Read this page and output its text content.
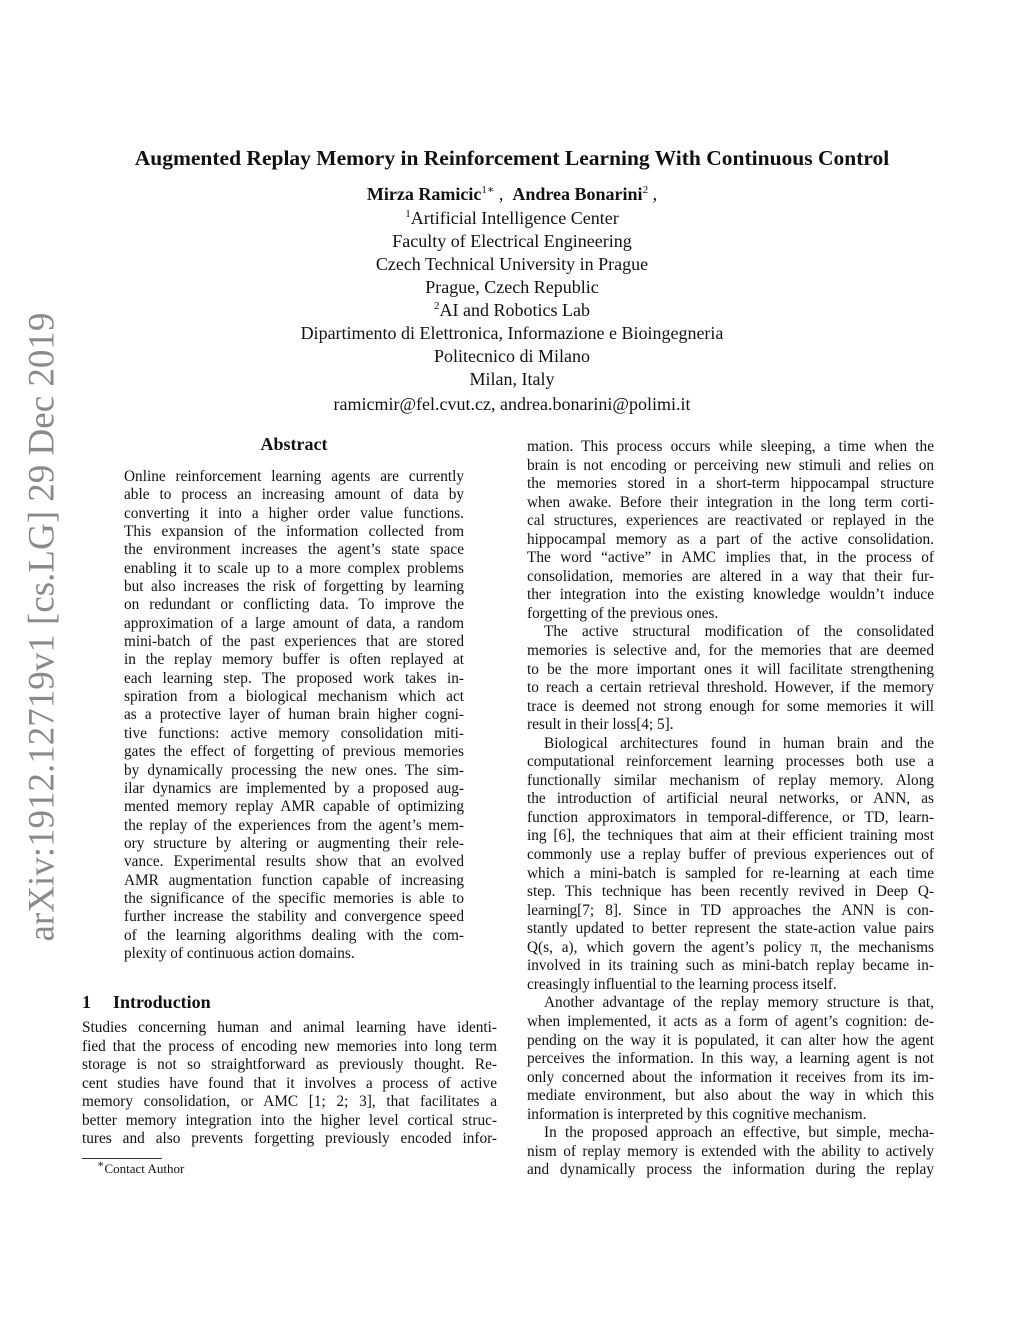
arXiv:1912.12719v1 [cs.LG] 29 Dec 2019
Augmented Replay Memory in Reinforcement Learning With Continuous Control
Mirza Ramicic$^{1∗}$ ,  Andrea Bonarini$^2$ ,
$^1$Artificial Intelligence Center
Faculty of Electrical Engineering
Czech Technical University in Prague
Prague, Czech Republic
$^2$AI and Robotics Lab
Dipartimento di Elettronica, Informazione e Bioingegneria
Politecnico di Milano
Milan, Italy
ramicmir@fel.cvut.cz, andrea.bonarini@polimi.it
Abstract
Online reinforcement learning agents are currently
able to process an increasing amount of data by
converting it into a higher order value functions.
This expansion of the information collected from
the environment increases the agent’s state space
enabling it to scale up to a more complex problems
but also increases the risk of forgetting by learning
on redundant or conflicting data. To improve the
approximation of a large amount of data, a random
mini-batch of the past experiences that are stored
in the replay memory buffer is often replayed at
each learning step. The proposed work takes in-
spiration from a biological mechanism which act
as a protective layer of human brain higher cogni-
tive functions: active memory consolidation miti-
gates the effect of forgetting of previous memories
by dynamically processing the new ones. The sim-
ilar dynamics are implemented by a proposed aug-
mented memory replay AMR capable of optimizing
the replay of the experiences from the agent’s mem-
ory structure by altering or augmenting their rele-
vance. Experimental results show that an evolved
AMR augmentation function capable of increasing
the significance of the specific memories is able to
further increase the stability and convergence speed
of the learning algorithms dealing with the com-
plexity of continuous action domains.
1 Introduction
Studies concerning human and animal learning have identi-
fied that the process of encoding new memories into long term
storage is not so straightforward as previously thought. Re-
cent studies have found that it involves a process of active
memory consolidation, or AMC [1; 2; 3], that facilitates a
better memory integration into the higher level cortical struc-
tures and also prevents forgetting previously encoded infor-
mation. This process occurs while sleeping, a time when the
brain is not encoding or perceiving new stimuli and relies on
the memories stored in a short-term hippocampal structure
when awake. Before their integration in the long term corti-
cal structures, experiences are reactivated or replayed in the
hippocampal memory as a part of the active consolidation.
The word “active” in AMC implies that, in the process of
consolidation, memories are altered in a way that their fur-
ther integration into the existing knowledge wouldn’t induce
forgetting of the previous ones.
The active structural modification of the consolidated
memories is selective and, for the memories that are deemed
to be the more important ones it will facilitate strengthening
to reach a certain retrieval threshold. However, if the memory
trace is deemed not strong enough for some memories it will
result in their loss[4; 5].
Biological architectures found in human brain and the
computational reinforcement learning processes both use a
functionally similar mechanism of replay memory. Along
the introduction of artificial neural networks, or ANN, as
function approximators in temporal-difference, or TD, learn-
ing [6], the techniques that aim at their efficient training most
commonly use a replay buffer of previous experiences out of
which a mini-batch is sampled for re-learning at each time
step. This technique has been recently revived in Deep Q-
learning[7; 8]. Since in TD approaches the ANN is con-
stantly updated to better represent the state-action value pairs
Q(s, a), which govern the agent’s policy π, the mechanisms
involved in its training such as mini-batch replay became in-
creasingly influential to the learning process itself.
Another advantage of the replay memory structure is that,
when implemented, it acts as a form of agent’s cognition: de-
pending on the way it is populated, it can alter how the agent
perceives the information. In this way, a learning agent is not
only concerned about the information it receives from its im-
mediate environment, but also about the way in which this
information is interpreted by this cognitive mechanism.
In the proposed approach an effective, but simple, mecha-
nism of replay memory is extended with the ability to actively
and dynamically process the information during the replay
∗Contact Author
